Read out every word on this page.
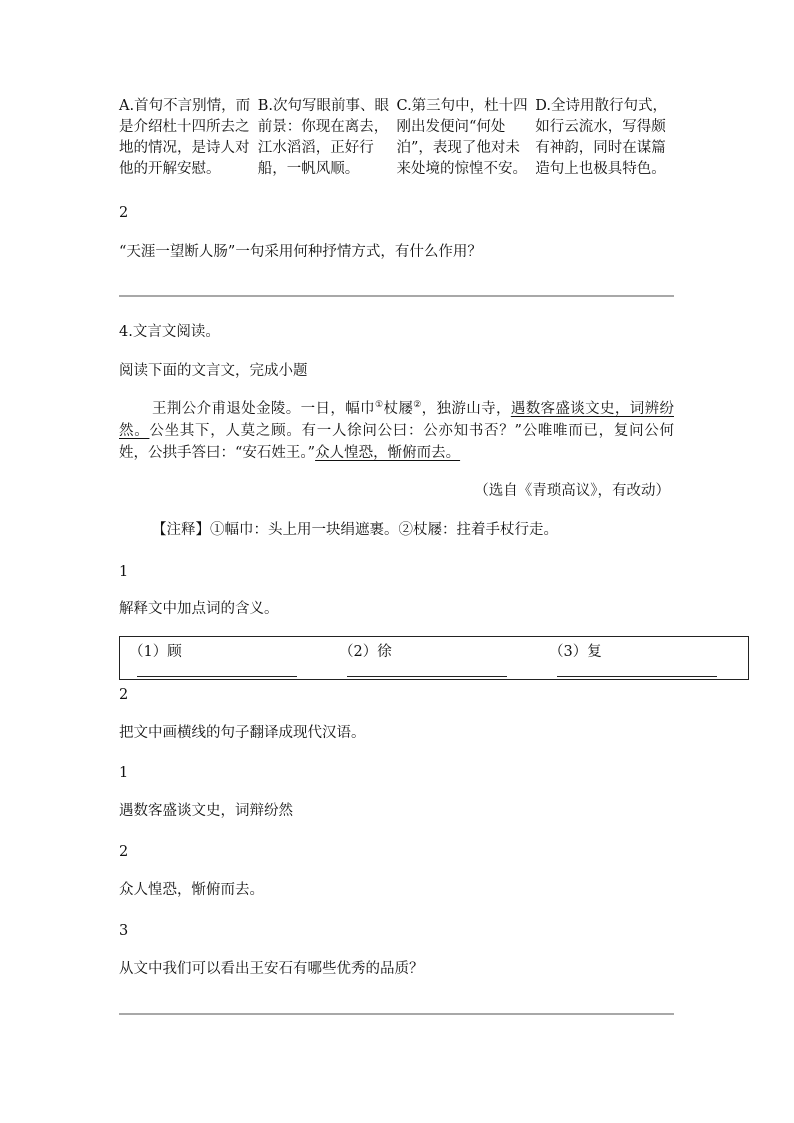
A.首句不言别情，而是介绍杜十四所去之地的情况，是诗人对他的开解安慰。
B.次句写眼前事、眼前景：你现在离去，江水滔滔，正好行船，一帆风顺。
C.第三句中，杜十四刚出发便问“何处泊”，表现了他对未来处境的惊惶不安。
D.全诗用散行句式，如行云流水，写得颇有神韵，同时在谋篇造句上也极具特色。
2
“天涯一望断人肠”一句采用何种抒情方式，有什么作用？
4.文言文阅读。
阅读下面的文言文，完成小题
王荆公介甫退处金陵。一日，幅巾①杖屦②，独游山寺，遇数客盛谈文史，词辨纷然。公坐其下，人莫之顾。有一人徐问公曰：公亦知书否？”公唯唯而已，复问公何姓，公拱手答曰：“安石姓王。”众人惶恐，惭俯而去。
（选自《青琐高议》，有改动）
【注释】①幅巾：头上用一块绢遮裹。②杖屦：拄着手杖行走。
1
解释文中加点词的含义。
（1）顾	（2）徐	（3）复
2
把文中画横线的句子翻译成现代汉语。
1
遇数客盛谈文史，词辩纷然
2
众人惶恐，惭俯而去。
3
从文中我们可以看出王安石有哪些优秀的品质？
